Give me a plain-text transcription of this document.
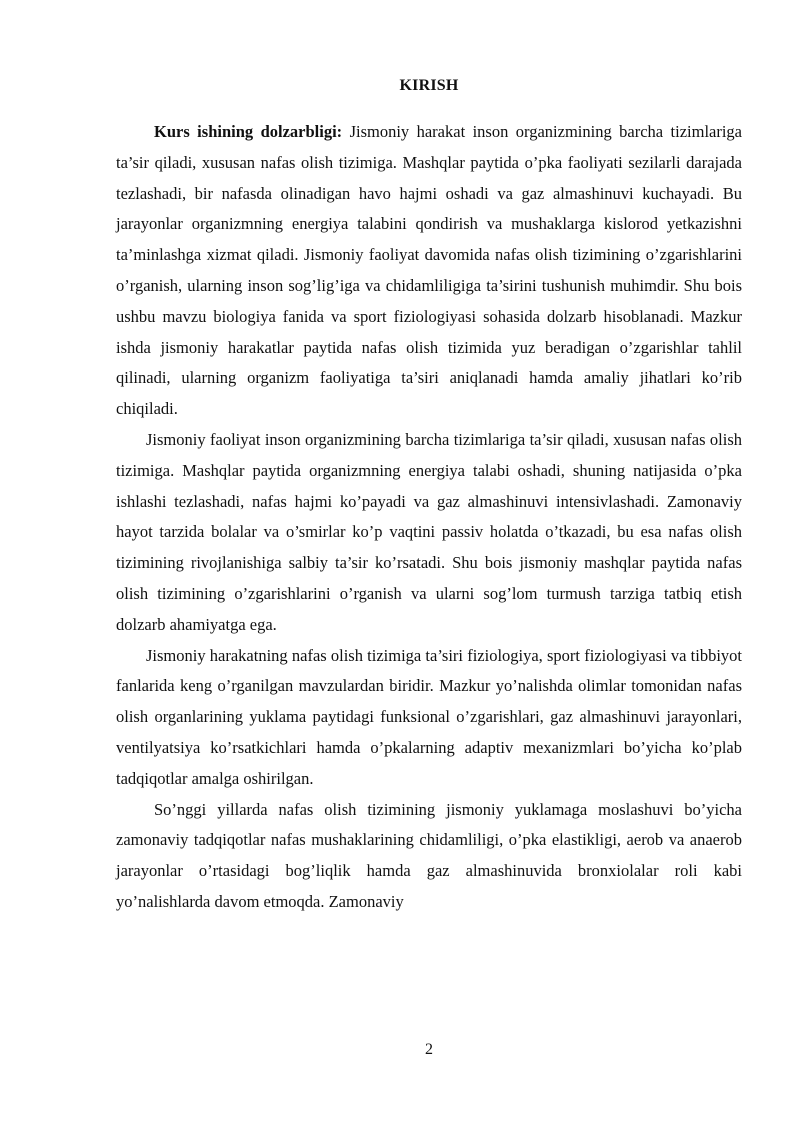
KIRISH

Kurs ishining dolzarbligi: Jismoniy harakat inson organizmining barcha tizimlariga ta’sir qiladi, xususan nafas olish tizimiga. Mashqlar paytida o’pka faoliyati sezilarli darajada tezlashadi, bir nafasda olinadigan havo hajmi oshadi va gaz almashinuvi kuchayadi. Bu jarayonlar organizmning energiya talabini qondirish va mushaklarga kislorod yetkazishni ta’minlashga xizmat qiladi. Jismoniy faoliyat davomida nafas olish tizimining o’zgarishlarini o’rganish, ularning inson sog’lig’iga va chidamliligiga ta’sirini tushunish muhimdir. Shu bois ushbu mavzu biologiya fanida va sport fiziologiyasi sohasida dolzarb hisoblanadi. Mazkur ishda jismoniy harakatlar paytida nafas olish tizimida yuz beradigan o’zgarishlar tahlil qilinadi, ularning organizm faoliyatiga ta’siri aniqlanadi hamda amaliy jihatlari ko’rib chiqiladi.

Jismoniy faoliyat inson organizmining barcha tizimlariga ta’sir qiladi, xususan nafas olish tizimiga. Mashqlar paytida organizmning energiya talabi oshadi, shuning natijasida o’pka ishlashi tezlashadi, nafas hajmi ko’payadi va gaz almashinuvi intensivlashadi. Zamonaviy hayot tarzida bolalar va o’smirlar ko’p vaqtini passiv holatda o’tkazadi, bu esa nafas olish tizimining rivojlanishiga salbiy ta’sir ko’rsatadi. Shu bois jismoniy mashqlar paytida nafas olish tizimining o’zgarishlarini o’rganish va ularni sog’lom turmush tarziga tatbiq etish dolzarb ahamiyatga ega.

Jismoniy harakatning nafas olish tizimiga ta’siri fiziologiya, sport fiziologiyasi va tibbiyot fanlarida keng o’rganilgan mavzulardan biridir. Mazkur yo’nalishda olimlar tomonidan nafas olish organlarining yuklama paytidagi funksional o’zgarishlari, gaz almashinuvi jarayonlari, ventilyatsiya ko’rsatkichlari hamda o’pkalarning adaptiv mexanizmlari bo’yicha ko’plab tadqiqotlar amalga oshirilgan.

So’nggi yillarda nafas olish tizimining jismoniy yuklamaga moslashuvi bo’yicha zamonaviy tadqiqotlar nafas mushaklarining chidamliligi, o’pka elastikligi, aerob va anaerob jarayonlar o’rtasidagi bog’liqlik hamda gaz almashinuvida bronxiolalar roli kabi yo’nalishlarda davom etmoqda. Zamonaviy

2
